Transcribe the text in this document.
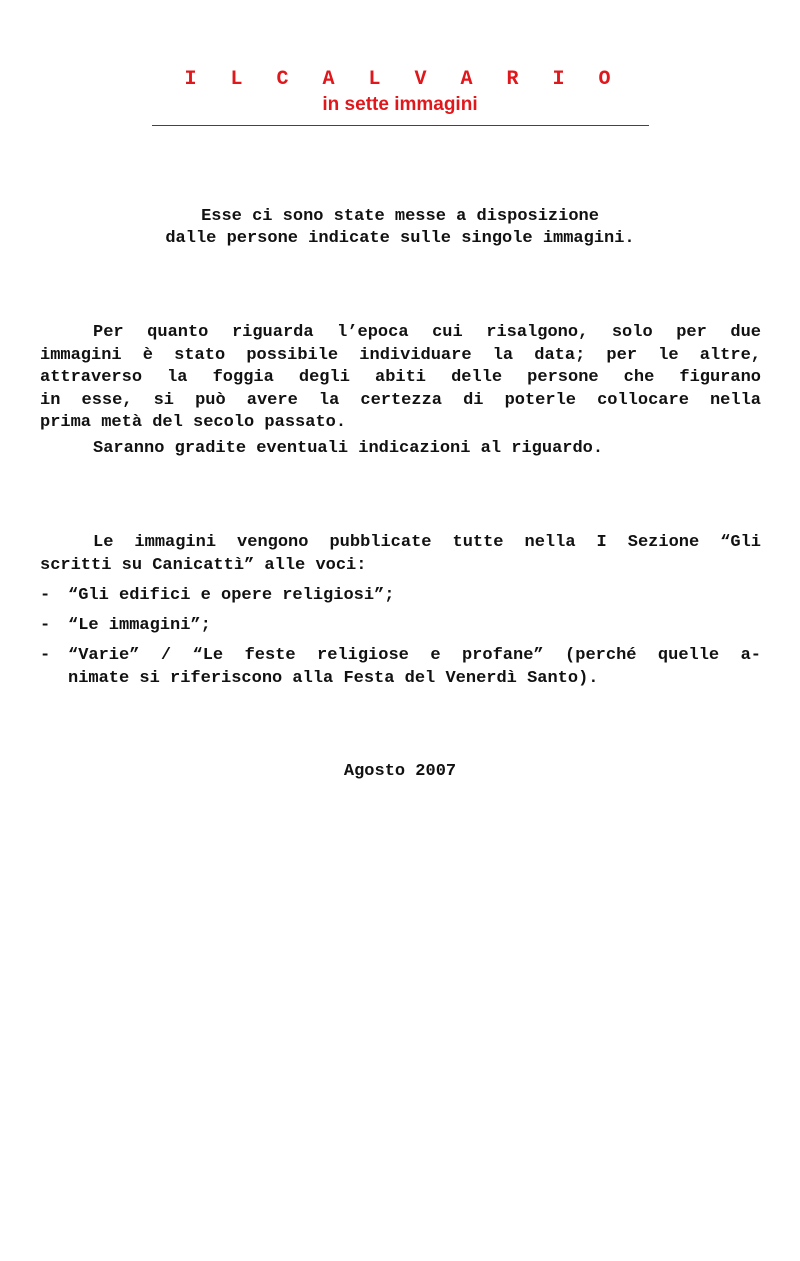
I L C A L V A R I O
in sette immagini
Esse ci sono state messe a disposizione
dalle persone indicate sulle singole immagini.
Per quanto riguarda l’epoca cui risalgono, solo per due
immagini è stato possibile individuare la data; per le altre,
attraverso la foggia degli abiti delle persone che figurano
in esse, si può avere la certezza di poterle collocare nella
prima metà del secolo passato.
Saranno gradite eventuali indicazioni al riguardo.
Le immagini vengono pubblicate tutte nella I Sezione “Gli
scritti su Canicattì” alle voci:
- “Gli edifici e opere religiosi”;
- “Le immagini”;
- “Varie” / “Le feste religiose e profane” (perché quelle a-
nimate si riferiscono alla Festa del Venerdì Santo).
Agosto 2007
